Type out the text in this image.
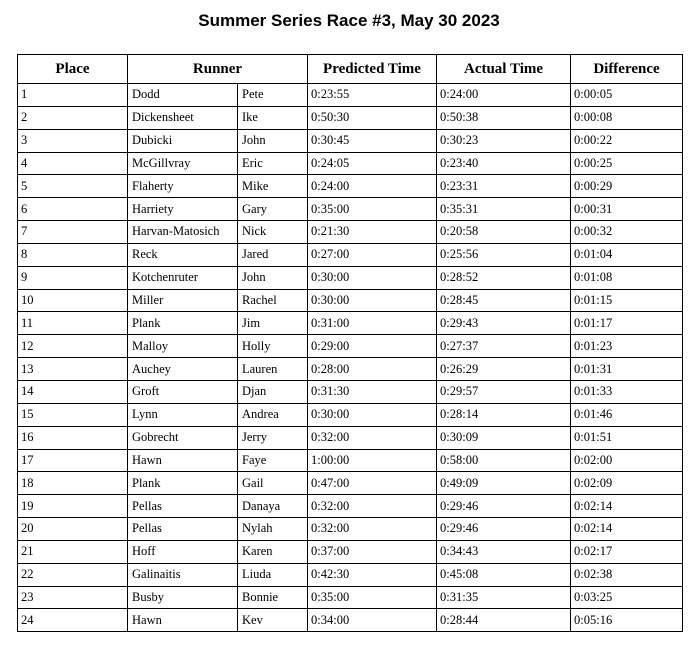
Summer Series Race #3, May 30 2023
Place	Runner		Predicted Time	Actual Time	Difference
1	Dodd	Pete	0:23:55	0:24:00	0:00:05
2	Dickensheet	Ike	0:50:30	0:50:38	0:00:08
3	Dubicki	John	0:30:45	0:30:23	0:00:22
4	McGillvray	Eric	0:24:05	0:23:40	0:00:25
5	Flaherty	Mike	0:24:00	0:23:31	0:00:29
6	Harriety	Gary	0:35:00	0:35:31	0:00:31
7	Harvan-Matosich	Nick	0:21:30	0:20:58	0:00:32
8	Reck	Jared	0:27:00	0:25:56	0:01:04
9	Kotchenruter	John	0:30:00	0:28:52	0:01:08
10	Miller	Rachel	0:30:00	0:28:45	0:01:15
11	Plank	Jim	0:31:00	0:29:43	0:01:17
12	Malloy	Holly	0:29:00	0:27:37	0:01:23
13	Auchey	Lauren	0:28:00	0:26:29	0:01:31
14	Groft	Djan	0:31:30	0:29:57	0:01:33
15	Lynn	Andrea	0:30:00	0:28:14	0:01:46
16	Gobrecht	Jerry	0:32:00	0:30:09	0:01:51
17	Hawn	Faye	1:00:00	0:58:00	0:02:00
18	Plank	Gail	0:47:00	0:49:09	0:02:09
19	Pellas	Danaya	0:32:00	0:29:46	0:02:14
20	Pellas	Nylah	0:32:00	0:29:46	0:02:14
21	Hoff	Karen	0:37:00	0:34:43	0:02:17
22	Galinaitis	Liuda	0:42:30	0:45:08	0:02:38
23	Busby	Bonnie	0:35:00	0:31:35	0:03:25
24	Hawn	Kev	0:34:00	0:28:44	0:05:16
